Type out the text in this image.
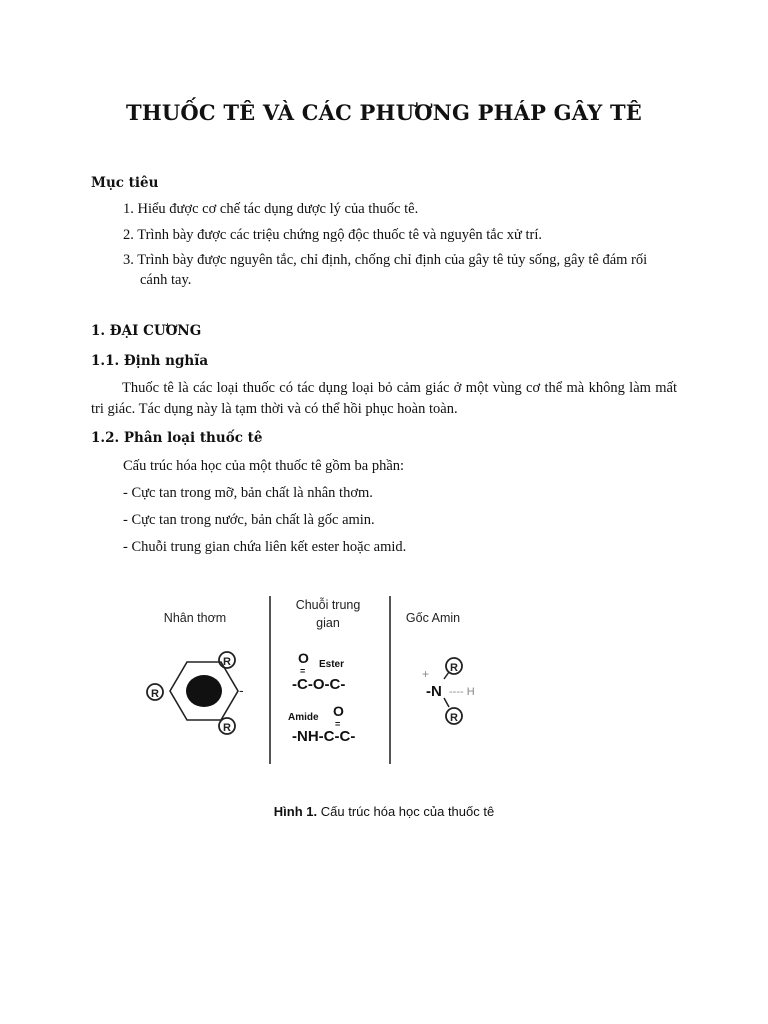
THUỐC TÊ VÀ CÁC PHƯƠNG PHÁP GÂY TÊ
Mục tiêu
1. Hiểu được cơ chế tác dụng dược lý của thuốc tê.
2. Trình bày được các triệu chứng ngộ độc thuốc tê và nguyên tắc xử trí.
3. Trình bày được nguyên tắc, chỉ định, chống chỉ định của gây tê tủy sống, gây tê đám rối
cánh tay.
1. ĐẠI CƯƠNG
1.1. Định nghĩa
Thuốc tê là các loại thuốc có tác dụng loại bỏ cảm giác ở một vùng cơ thể mà không làm mất tri giác. Tác dụng này là tạm thời và có thể hồi phục hoàn toàn.
1.2. Phân loại thuốc tê
Cấu trúc hóa học của một thuốc tê gồm ba phần:
- Cực tan trong mỡ, bản chất là nhân thơm.
- Cực tan trong nước, bản chất là gốc amin.
- Chuỗi trung gian chứa liên kết ester hoặc amid.
Nhân thơm
Chuỗi trung
gian	Gốc Amin
-
R
R
R
O
=
Ester
-C-O-C-
Amide O
=
-NH-C-C-
+
-N ---- H
R
R
Hình 1. Cấu trúc hóa học của thuốc tê
